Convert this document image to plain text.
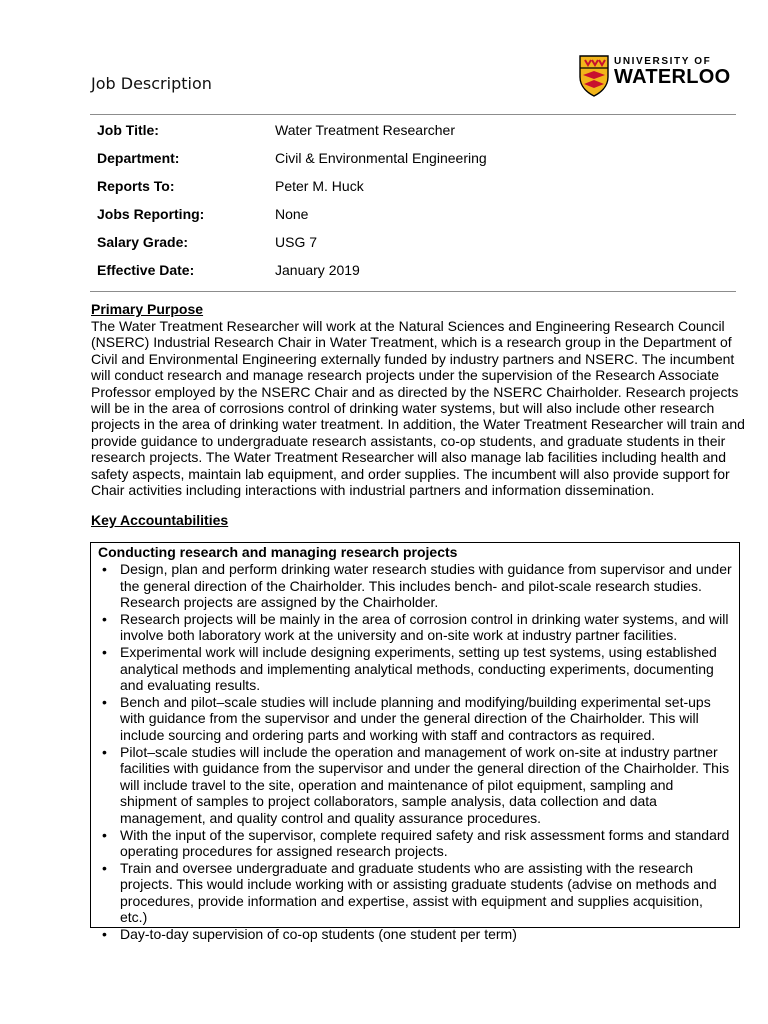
Job Description
UNIVERSITY OF
WATERLOO
Job Title:	Water Treatment Researcher
Department:	Civil & Environmental Engineering
Reports To:	Peter M. Huck
Jobs Reporting:	None
Salary Grade:	USG 7
Effective Date:	January 2019
Primary Purpose

The Water Treatment Researcher will work at the Natural Sciences and Engineering Research Council (NSERC) Industrial Research Chair in Water Treatment, which is a research group in the Department of Civil and Environmental Engineering externally funded by industry partners and NSERC. The incumbent will conduct research and manage research projects under the supervision of the Research Associate Professor employed by the NSERC Chair and as directed by the NSERC Chairholder. Research projects will be in the area of corrosions control of drinking water systems, but will also include other research projects in the area of drinking water treatment. In addition, the Water Treatment Researcher will train and provide guidance to undergraduate research assistants, co-op students, and graduate students in their research projects. The Water Treatment Researcher will also manage lab facilities including health and safety aspects, maintain lab equipment, and order supplies. The incumbent will also provide support for Chair activities including interactions with industrial partners and information dissemination.

Key Accountabilities
Conducting research and managing research projects
• Design, plan and perform drinking water research studies with guidance from supervisor and under the general direction of the Chairholder. This includes bench- and pilot-scale research studies. Research projects are assigned by the Chairholder.
• Research projects will be mainly in the area of corrosion control in drinking water systems, and will involve both laboratory work at the university and on-site work at industry partner facilities.
• Experimental work will include designing experiments, setting up test systems, using established analytical methods and implementing analytical methods, conducting experiments, documenting and evaluating results.
• Bench and pilot–scale studies will include planning and modifying/building experimental set-ups with guidance from the supervisor and under the general direction of the Chairholder. This will include sourcing and ordering parts and working with staff and contractors as required.
• Pilot–scale studies will include the operation and management of work on-site at industry partner facilities with guidance from the supervisor and under the general direction of the Chairholder. This will include travel to the site, operation and maintenance of pilot equipment, sampling and shipment of samples to project collaborators, sample analysis, data collection and data management, and quality control and quality assurance procedures.
• With the input of the supervisor, complete required safety and risk assessment forms and standard operating procedures for assigned research projects.
• Train and oversee undergraduate and graduate students who are assisting with the research projects. This would include working with or assisting graduate students (advise on methods and procedures, provide information and expertise, assist with equipment and supplies acquisition, etc.)
• Day-to-day supervision of co-op students (one student per term)
